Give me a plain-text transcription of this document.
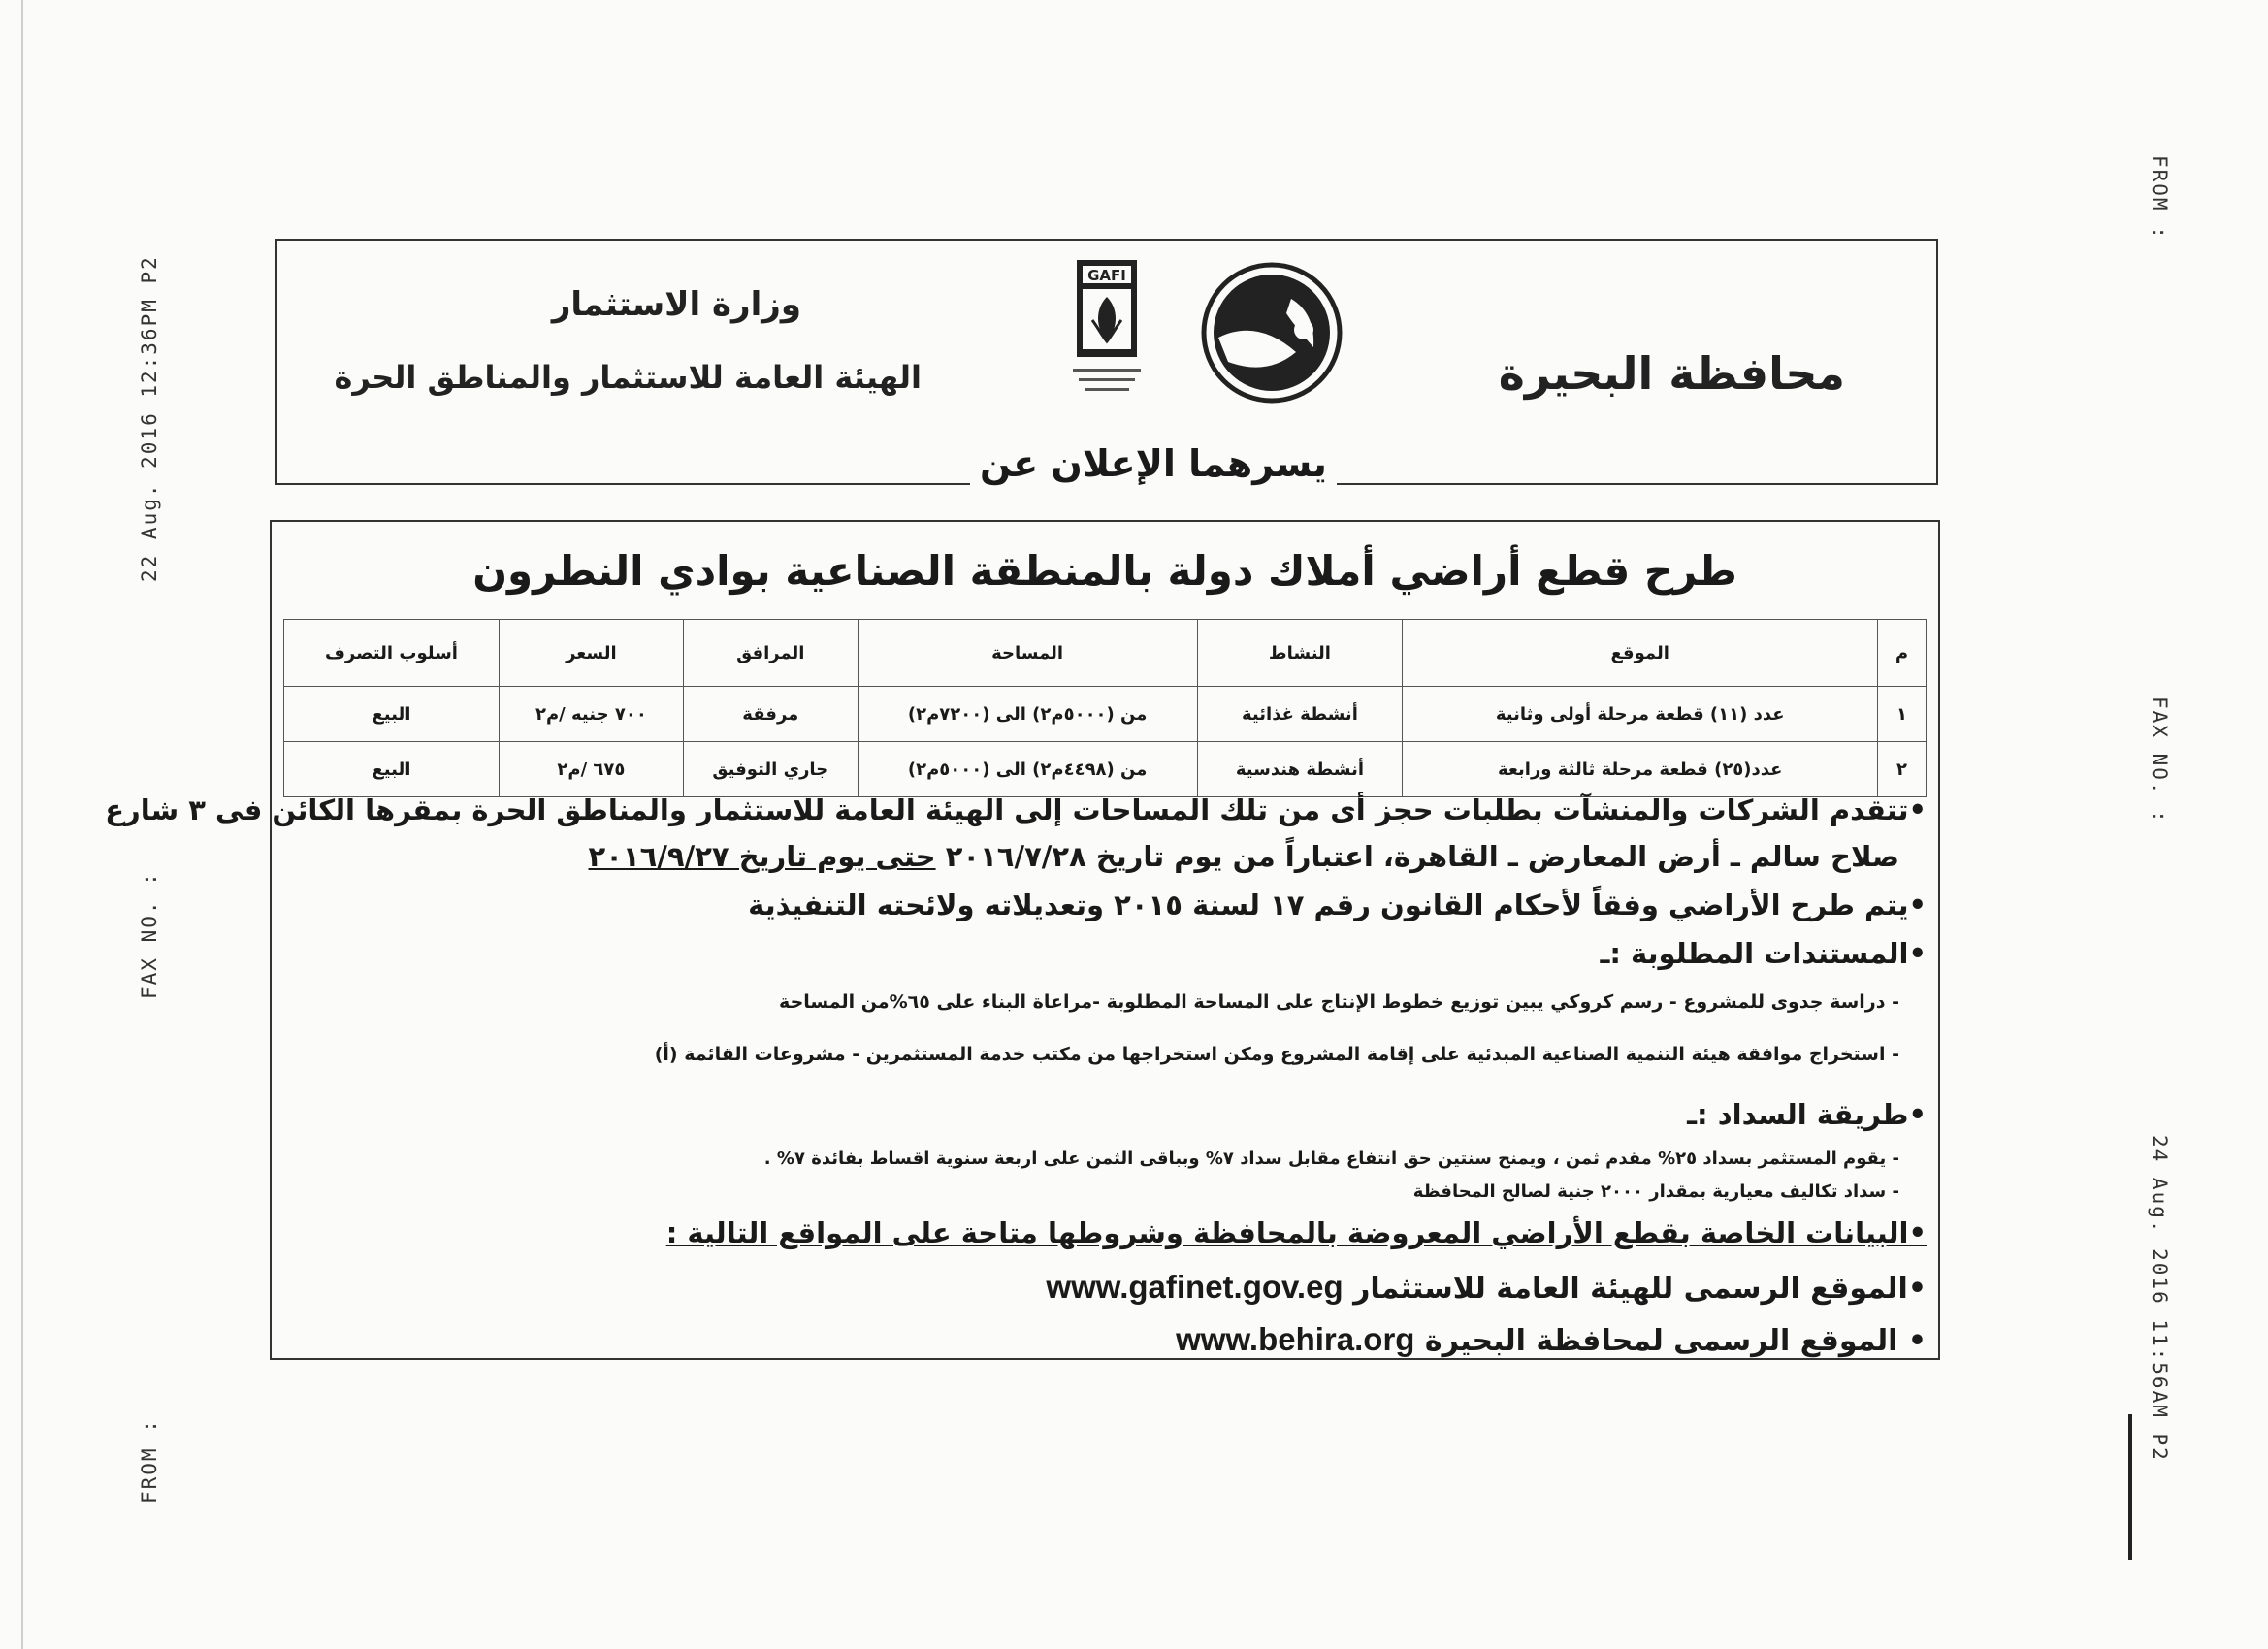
22 Aug. 2016 12:36PM P2
FAX NO. :
FROM :
FROM :
FAX NO. :
24 Aug. 2016 11:56AM P2
محافظة البحيرة
GAFI
وزارة الاستثمار
الهيئة العامة للاستثمار والمناطق الحرة
يسرهما الإعلان عن
طرح قطع أراضي أملاك دولة بالمنطقة الصناعية بوادي النطرون
م	الموقع	النشاط	المساحة	المرافق	السعر	أسلوب التصرف
١	عدد (١١) قطعة مرحلة أولى وثانية	أنشطة غذائية	من (٥٠٠٠م٢) الى (٧٢٠٠م٢)	مرفقة	٧٠٠ جنيه /م٢	البيع
٢	عدد(٢٥) قطعة مرحلة ثالثة ورابعة	أنشطة هندسية	من (٤٤٩٨م٢) الى (٥٠٠٠م٢)	جاري التوفيق	٦٧٥ /م٢	البيع
•تتقدم الشركات والمنشآت بطلبات حجز أى من تلك المساحات إلى الهيئة العامة للاستثمار والمناطق الحرة بمقرها الكائن فى ٣ شارع
صلاح سالم ـ أرض المعارض ـ القاهرة، اعتباراً من يوم تاريخ ٢٠١٦/٧/٢٨ حتى يوم تاريخ ٢٠١٦/٩/٢٧
•يتم طرح الأراضي وفقاً لأحكام القانون رقم ١٧ لسنة ٢٠١٥ وتعديلاته ولائحته التنفيذية
•المستندات المطلوبة :ـ
- دراسة جدوى للمشروع - رسم كروكي يبين توزيع خطوط الإنتاج على المساحة المطلوبة -مراعاة البناء على ٦٥%من المساحة
- استخراج موافقة هيئة التنمية الصناعية المبدئية على إقامة المشروع ومكن استخراجها من مكتب خدمة المستثمرين - مشروعات القائمة (أ)
•طريقة السداد :ـ
- يقوم المستثمر بسداد ٢٥% مقدم ثمن ، ويمنح سنتين حق انتفاع مقابل سداد ٧% وبباقى الثمن على اربعة سنوية اقساط بفائدة ٧% .
- سداد تكاليف معيارية بمقدار ٢٠٠٠ جنية لصالح المحافظة
•البيانات الخاصة بقطع الأراضي المعروضة بالمحافظة وشروطها متاحة على المواقع التالية :
•الموقع الرسمى للهيئة العامة للاستثمار www.gafinet.gov.eg
• الموقع الرسمى لمحافظة البحيرة www.behira.org
